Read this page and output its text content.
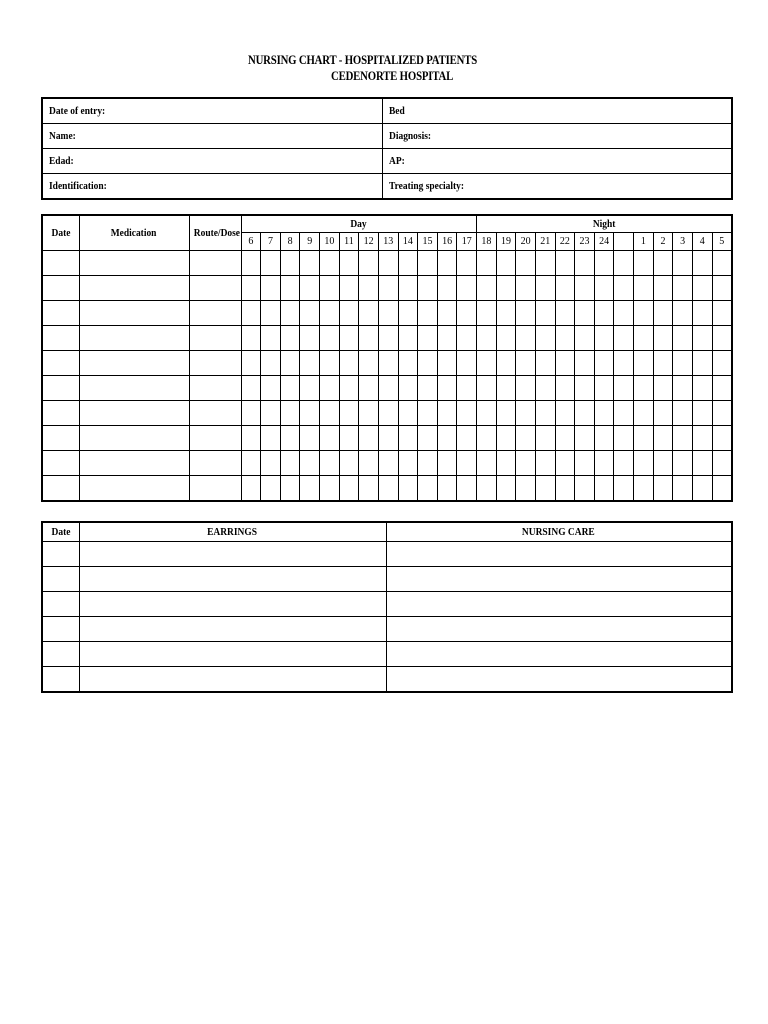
NURSING CHART - HOSPITALIZED PATIENTS
CEDENORTE HOSPITAL
Date of entry:	Bed
Name:	Diagnosis:
Edad:	AP:
Identification:	Treating specialty:
Date	Medication	Route/Dose	Day												Night												
			6	7	8	9	10	11	12	13	14	15	16	17	18	19	20	21	22	23	24		1	2	3	4	5

Date	EARRINGS	NURSING CARE
